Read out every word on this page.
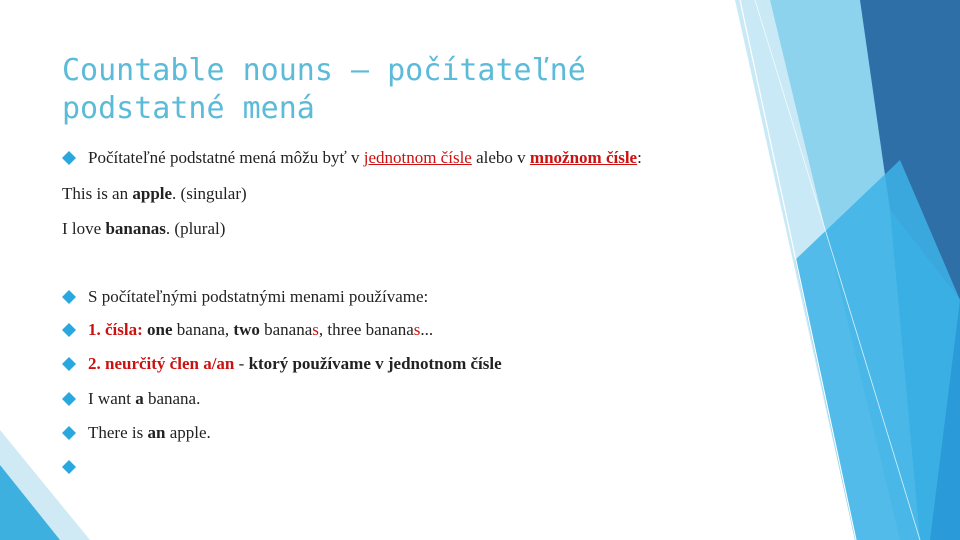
Countable nouns – počítateľné podstatné mená
Počítateľné podstatné mená môžu byť v jednotnom čísle alebo v množnom čísle:
This is an apple. (singular)
I love bananas. (plural)
S počítateľnými podstatnými menami používame:
1. čísla: one banana, two bananas, three bananas...
2. neurčitý člen a/an - ktorý používame v jednotnom čísle
I want a banana.
There is an apple.
